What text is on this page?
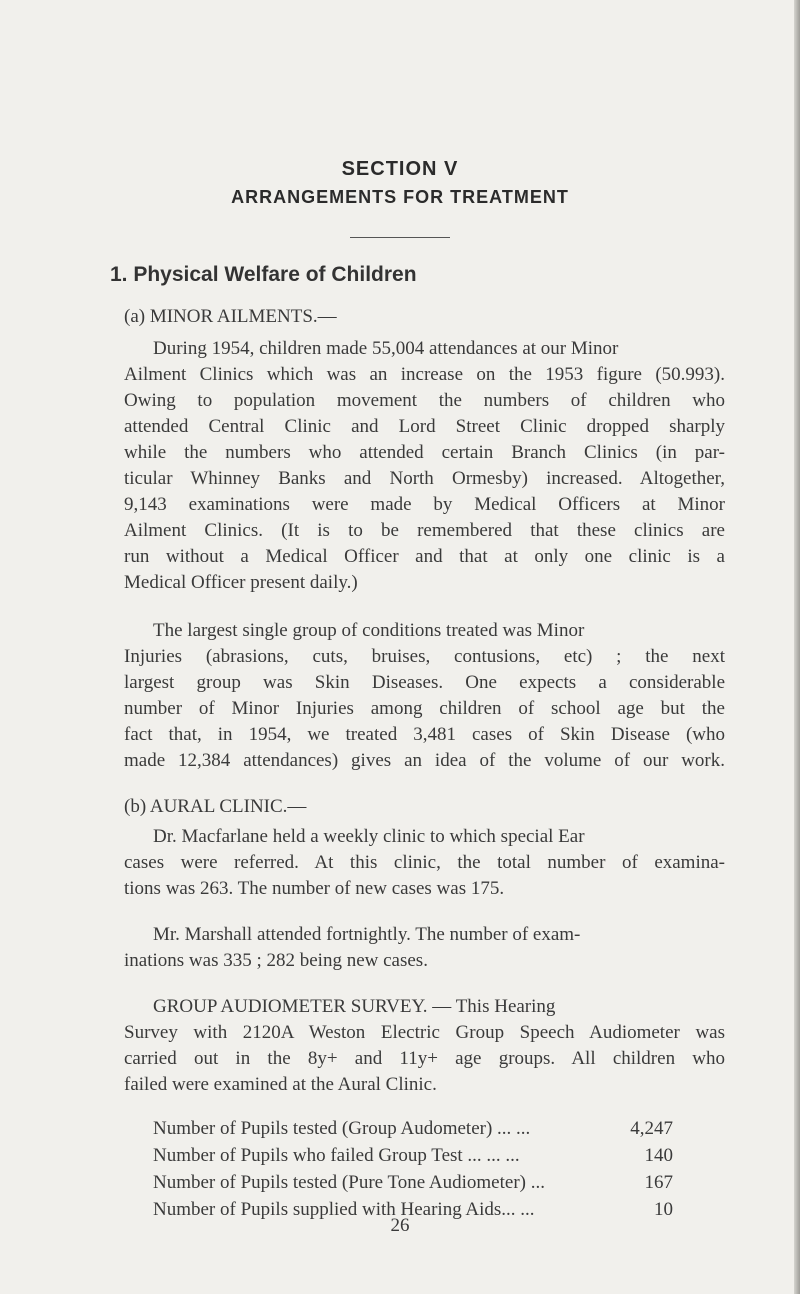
SECTION V
ARRANGEMENTS FOR TREATMENT
1. Physical Welfare of Children
(a) MINOR AILMENTS.—
During 1954, children made 55,004 attendances at our Minor
Ailment Clinics which was an increase on the 1953 figure (50.993).
Owing to population movement the numbers of children who
attended Central Clinic and Lord Street Clinic dropped sharply
while the numbers who attended certain Branch Clinics (in par-
ticular Whinney Banks and North Ormesby) increased. Altogether,
9,143 examinations were made by Medical Officers at Minor
Ailment Clinics. (It is to be remembered that these clinics are
run without a Medical Officer and that at only one clinic is a
Medical Officer present daily.)
The largest single group of conditions treated was Minor
Injuries (abrasions, cuts, bruises, contusions, etc) ; the next
largest group was Skin Diseases. One expects a considerable
number of Minor Injuries among children of school age but the
fact that, in 1954, we treated 3,481 cases of Skin Disease (who
made 12,384 attendances) gives an idea of the volume of our work.
(b) AURAL CLINIC.—
Dr. Macfarlane held a weekly clinic to which special Ear
cases were referred. At this clinic, the total number of examina-
tions was 263. The number of new cases was 175.
Mr. Marshall attended fortnightly. The number of exam-
inations was 335 ; 282 being new cases.
GROUP AUDIOMETER SURVEY. — This Hearing
Survey with 2120A Weston Electric Group Speech Audiometer was
carried out in the 8y+ and 11y+ age groups. All children who
failed were examined at the Aural Clinic.
Number of Pupils tested (Group Audometer) ... ...	4,247
Number of Pupils who failed Group Test ... ... ...	140
Number of Pupils tested (Pure Tone Audiometer) ...	167
Number of Pupils supplied with Hearing Aids... ...	10
26
